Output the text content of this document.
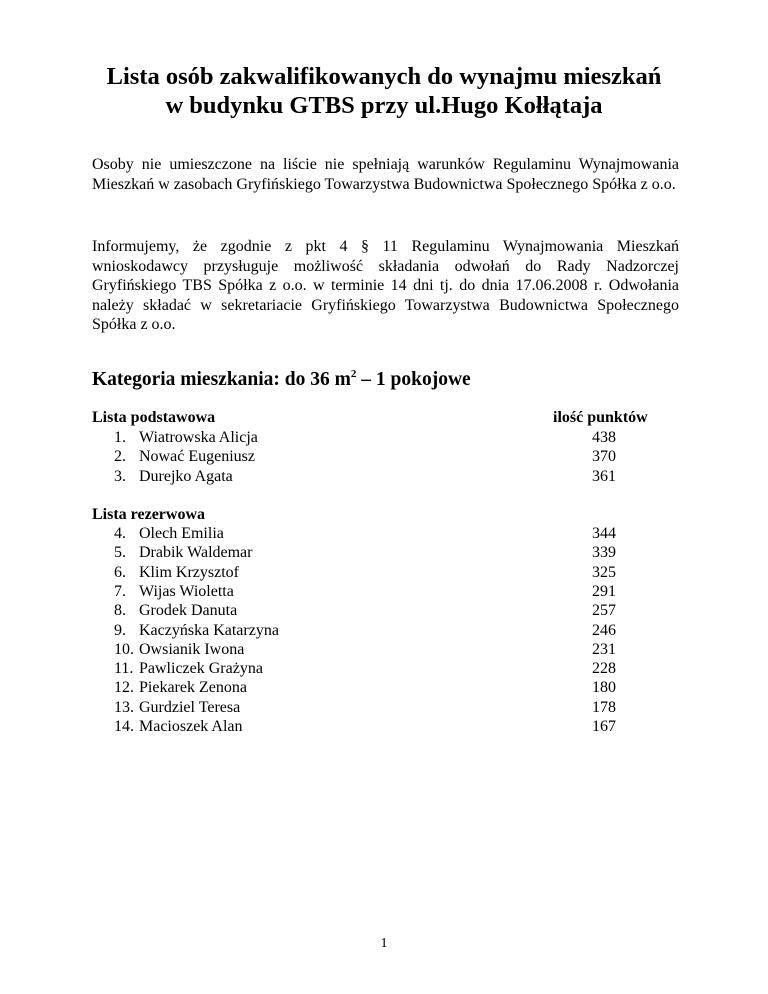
Lista osób zakwalifikowanych do wynajmu mieszkań
w budynku GTBS przy ul.Hugo Kołłątaja
Osoby nie umieszczone na liście nie spełniają warunków Regulaminu Wynajmowania Mieszkań w zasobach Gryfińskiego Towarzystwa Budownictwa Społecznego Spółka z o.o.
Informujemy, że zgodnie z pkt 4 § 11 Regulaminu Wynajmowania Mieszkań wnioskodawcy przysługuje możliwość składania odwołań do Rady Nadzorczej Gryfińskiego TBS Spółka z o.o. w terminie 14 dni tj. do dnia 17.06.2008 r. Odwołania należy składać w sekretariacie Gryfińskiego Towarzystwa Budownictwa Społecznego Spółka z o.o.
Kategoria mieszkania: do 36 $m^2 - 1$ pokojowe
Lista podstawowa	ilość punktów
Lista rezerwowa
1. Wiatrowska Alicja	438
2. Nować Eugeniusz	370
3. Durejko Agata	361
4. Olech Emilia	344
5. Drabik Waldemar	339
6. Klim Krzysztof	325
7. Wijas Wioletta	291
8. Grodek Danuta	257
9. Kaczyńska Katarzyna	246
10. Owsianik Iwona	231
11. Pawliczek Grażyna	228
12. Piekarek Zenona	180
13. Gurdziel Teresa	178
14. Macioszek Alan	167
1
